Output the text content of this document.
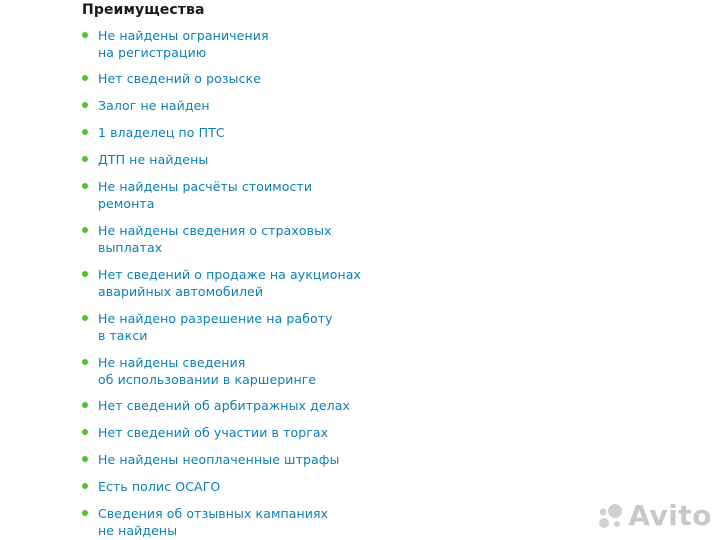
Преимущества
Не найдены ограничения
на регистрацию
Нет сведений о розыске
Залог не найден
1 владелец по ПТС
ДТП не найдены
Не найдены расчёты стоимости
ремонта
Не найдены сведения о страховых
выплатах
Нет сведений о продаже на аукционах
аварийных автомобилей
Не найдено разрешение на работу
в такси
Не найдены сведения
об использовании в каршеринге
Нет сведений об арбитражных делах
Нет сведений об участии в торгах
Не найдены неоплаченные штрафы
Есть полис ОСАГО
Сведения об отзывных кампаниях
не найдены	Avito
